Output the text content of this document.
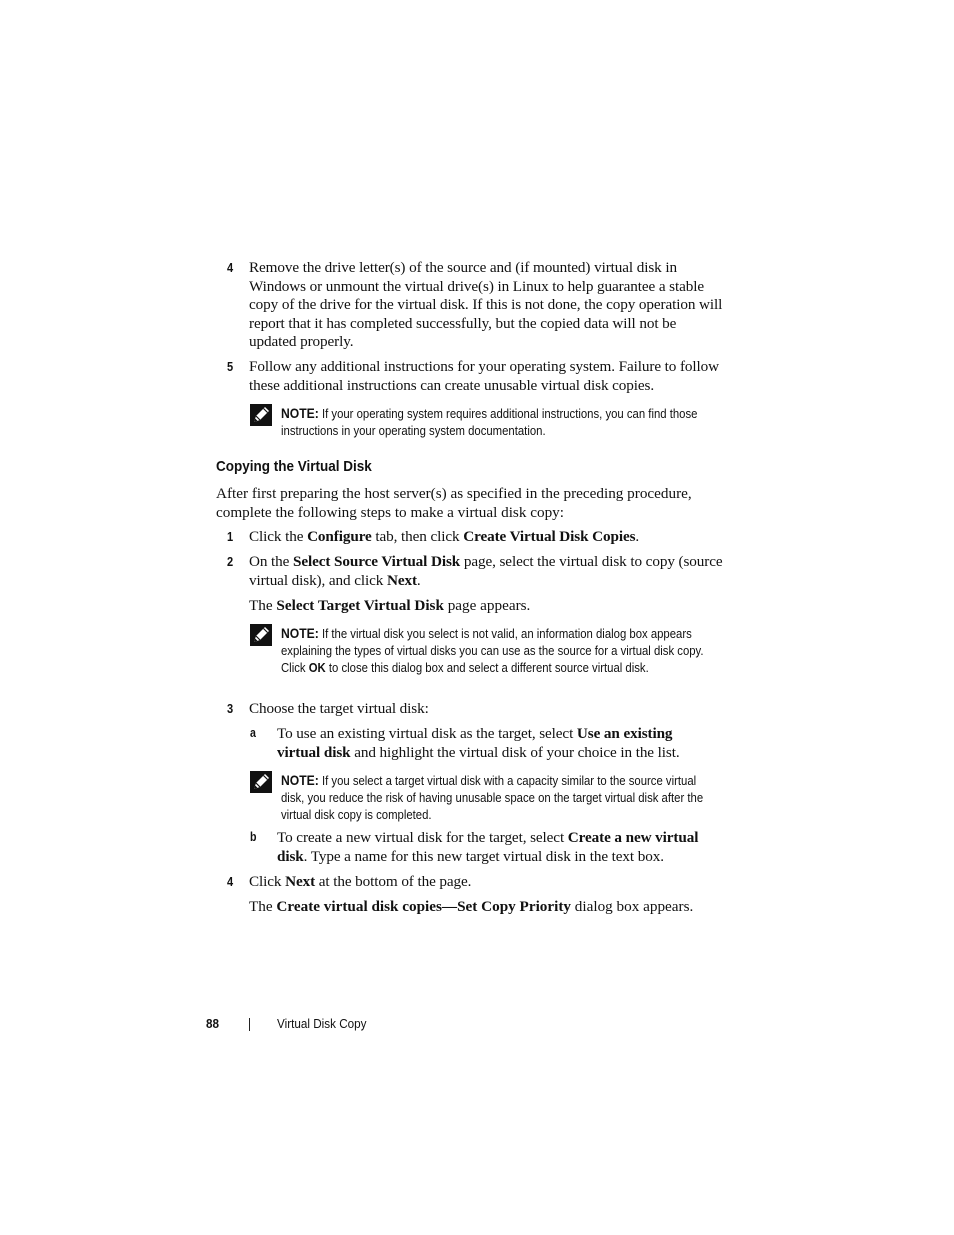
4 Remove the drive letter(s) of the source and (if mounted) virtual disk in Windows or unmount the virtual drive(s) in Linux to help guarantee a stable copy of the drive for the virtual disk. If this is not done, the copy operation will report that it has completed successfully, but the copied data will not be updated properly.
5 Follow any additional instructions for your operating system. Failure to follow these additional instructions can create unusable virtual disk copies.
NOTE: If your operating system requires additional instructions, you can find those instructions in your operating system documentation.
Copying the Virtual Disk
After first preparing the host server(s) as specified in the preceding procedure, complete the following steps to make a virtual disk copy:
1 Click the Configure tab, then click Create Virtual Disk Copies.
2 On the Select Source Virtual Disk page, select the virtual disk to copy (source virtual disk), and click Next.
The Select Target Virtual Disk page appears.
NOTE: If the virtual disk you select is not valid, an information dialog box appears explaining the types of virtual disks you can use as the source for a virtual disk copy. Click OK to close this dialog box and select a different source virtual disk.
3 Choose the target virtual disk:
a To use an existing virtual disk as the target, select Use an existing virtual disk and highlight the virtual disk of your choice in the list.
NOTE: If you select a target virtual disk with a capacity similar to the source virtual disk, you reduce the risk of having unusable space on the target virtual disk after the virtual disk copy is completed.
b To create a new virtual disk for the target, select Create a new virtual disk. Type a name for this new target virtual disk in the text box.
4 Click Next at the bottom of the page.
The Create virtual disk copies—Set Copy Priority dialog box appears.
88	Virtual Disk Copy
